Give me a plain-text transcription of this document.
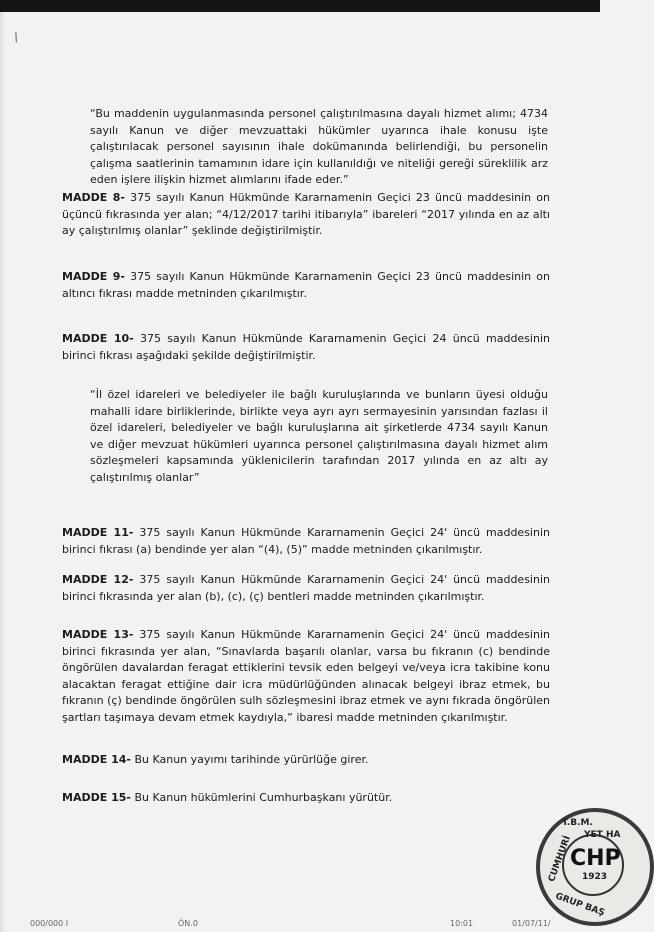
/

“Bu maddenin uygulanmasında personel çalıştırılmasına dayalı hizmet alımı; 4734 sayılı Kanun ve diğer mevzuattaki hükümler uyarınca ihale konusu işte çalıştırılacak personel sayısının ihale dokümanında belirlendiği, bu personelin çalışma saatlerinin tamamının idare için kullanıldığı ve niteliği gereği süreklilik arz eden işlere ilişkin hizmet alımlarını ifade eder.”

MADDE 8- 375 sayılı Kanun Hükmünde Kararnamenin Geçici 23 üncü maddesinin on üçüncü fıkrasında yer alan; “4/12/2017 tarihi itibarıyla” ibareleri “2017 yılında en az altı ay çalıştırılmış olanlar” şeklinde değiştirilmiştir.

MADDE 9- 375 sayılı Kanun Hükmünde Kararnamenin Geçici 23 üncü maddesinin on altıncı fıkrası madde metninden çıkarılmıştır.

MADDE 10- 375 sayılı Kanun Hükmünde Kararnamenin Geçici 24 üncü maddesinin birinci fıkrası aşağıdaki şekilde değiştirilmiştir.

“İl özel idareleri ve belediyeler ile bağlı kuruluşlarında ve bunların üyesi olduğu mahalli idare birliklerinde, birlikte veya ayrı ayrı sermayesinin yarısından fazlası il özel idareleri, belediyeler ve bağlı kuruluşlarına ait şirketlerde 4734 sayılı Kanun ve diğer mevzuat hükümleri uyarınca personel çalıştırılmasına dayalı hizmet alım sözleşmeleri kapsamında yüklenicilerin tarafından 2017 yılında en az altı ay çalıştırılmış olanlar”

MADDE 11- 375 sayılı Kanun Hükmünde Kararnamenin Geçici 24' üncü maddesinin birinci fıkrası (a) bendinde yer alan “(4), (5)” madde metninden çıkarılmıştır.

MADDE 12- 375 sayılı Kanun Hükmünde Kararnamenin Geçici 24' üncü maddesinin birinci fıkrasında yer alan (b), (c), (ç) bentleri madde metninden çıkarılmıştır.

MADDE 13- 375 sayılı Kanun Hükmünde Kararnamenin Geçici 24' üncü maddesinin birinci fıkrasında yer alan, “Sınavlarda başarılı olanlar, varsa bu fıkranın (c) bendinde öngörülen davalardan feragat ettiklerini tevsik eden belgeyi ve/veya icra takibine konu alacaktan feragat ettiğine dair icra müdürlüğünden alınacak belgeyi ibraz etmek, bu fıkranın (ç) bendinde öngörülen sulh sözleşmesini ibraz etmek ve aynı fıkrada öngörülen şartları taşımaya devam etmek kaydıyla,” ibaresi madde metninden çıkarılmıştır.

MADDE 14- Bu Kanun yayımı tarihinde yürürlüğe girer.

MADDE 15- Bu Kanun hükümlerini Cumhurbaşkanı yürütür.

CHP
1923
T.B.M.
YET HA
CUMHURİ
GRUP BAŞ
000/000 I	ÖN.0	10:01	01/07/11/
